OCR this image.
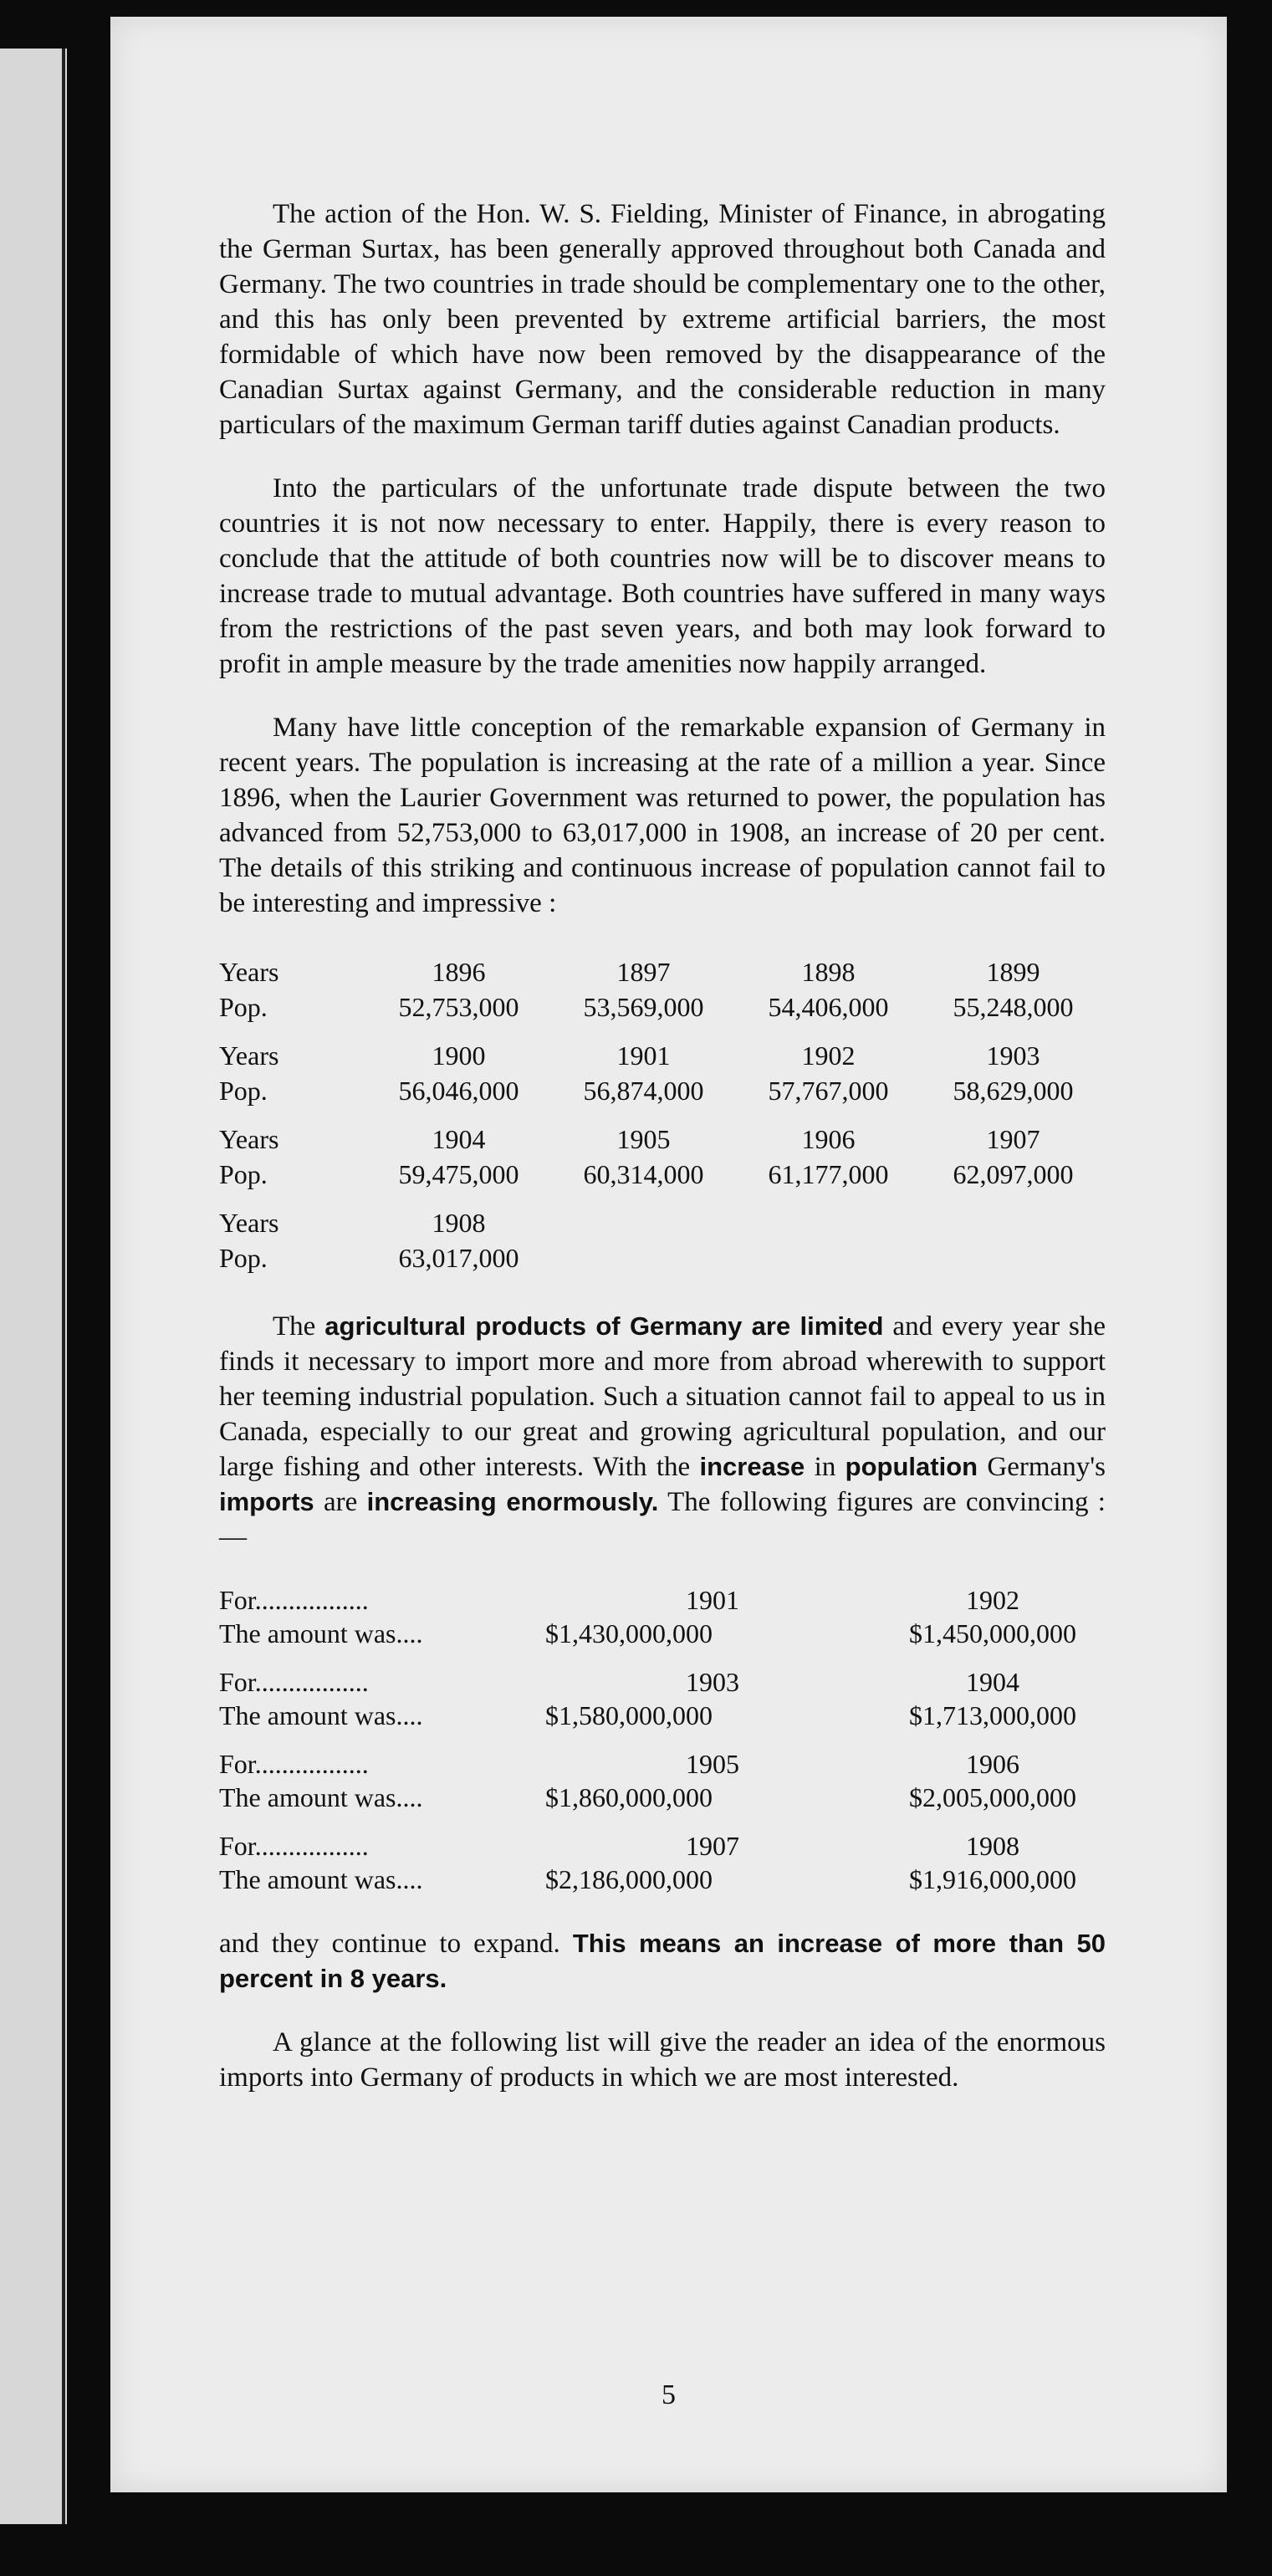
The action of the Hon. W. S. Fielding, Minister of Finance, in abrogating the German Surtax, has been generally approved throughout both Canada and Germany. The two countries in trade should be complementary one to the other, and this has only been prevented by extreme artificial barriers, the most formidable of which have now been removed by the disappearance of the Canadian Surtax against Germany, and the considerable reduction in many particulars of the maximum German tariff duties against Canadian products.

Into the particulars of the unfortunate trade dispute between the two countries it is not now necessary to enter. Happily, there is every reason to conclude that the attitude of both countries now will be to discover means to increase trade to mutual advantage. Both countries have suffered in many ways from the restrictions of the past seven years, and both may look forward to profit in ample measure by the trade amenities now happily arranged.

Many have little conception of the remarkable expansion of Germany in recent years. The population is increasing at the rate of a million a year. Since 1896, when the Laurier Government was returned to power, the population has advanced from 52,753,000 to 63,017,000 in 1908, an increase of 20 per cent. The details of this striking and continuous increase of population cannot fail to be interesting and impressive :

Years	1896	1897	1898	1899
Pop.	52,753,000	53,569,000	54,406,000	55,248,000

Years	1900	1901	1902	1903
Pop.	56,046,000	56,874,000	57,767,000	58,629,000

Years	1904	1905	1906	1907
Pop.	59,475,000	60,314,000	61,177,000	62,097,000

Years	1908			
Pop.	63,017,000			

The agricultural products of Germany are limited and every year she finds it necessary to import more and more from abroad wherewith to support her teeming industrial population. Such a situation cannot fail to appeal to us in Canada, especially to our great and growing agricultural population, and our large fishing and other interests. With the increase in population Germany's imports are increasing enormously. The following figures are convincing :—

For.................	1901	1902
The amount was....	$1,430,000,000	$1,450,000,000

For.................	1903	1904
The amount was....	$1,580,000,000	$1,713,000,000

For.................	1905	1906
The amount was....	$1,860,000,000	$2,005,000,000

For.................	1907	1908
The amount was....	$2,186,000,000	$1,916,000,000

and they continue to expand. This means an increase of more than 50 percent in 8 years.

A glance at the following list will give the reader an idea of the enormous imports into Germany of products in which we are most interested.

5
